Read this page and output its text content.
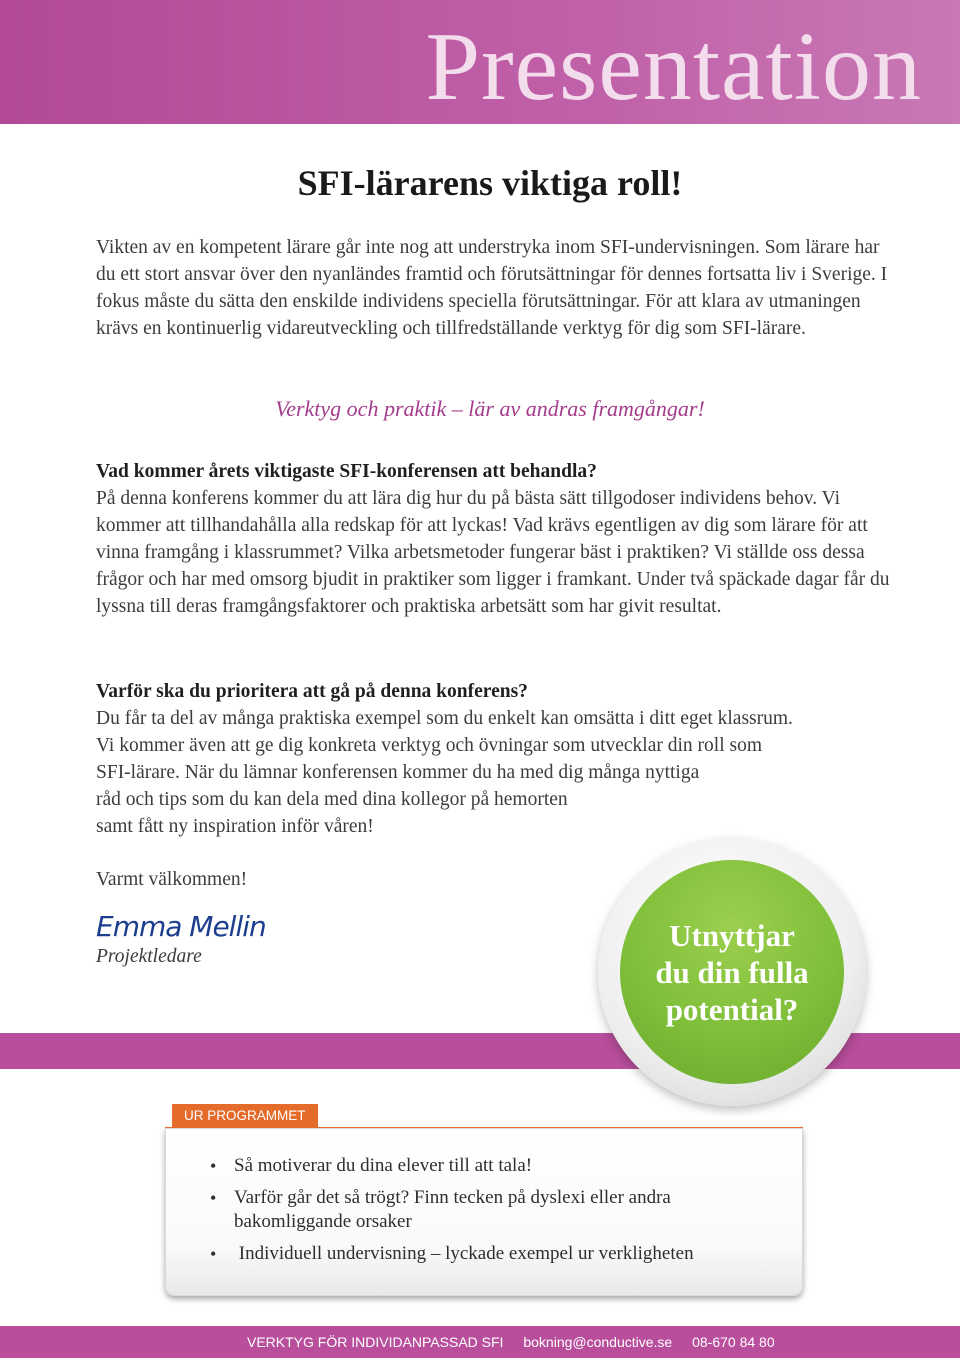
Presentation
SFI-lärarens viktiga roll!
Vikten av en kompetent lärare går inte nog att understryka inom SFI-undervisningen. Som lärare har du ett stort ansvar över den nyanländes framtid och förutsättningar för dennes fortsatta liv i Sverige. I fokus måste du sätta den enskilde individens speciella förutsättningar. För att klara av utmaningen krävs en kontinuerlig vidareutveckling och tillfredställande verktyg för dig som SFI-lärare.
Verktyg och praktik – lär av andras framgångar!
Vad kommer årets viktigaste SFI-konferensen att behandla?
På denna konferens kommer du att lära dig hur du på bästa sätt tillgodoser individens behov. Vi kommer att tillhandahålla alla redskap för att lyckas! Vad krävs egentligen av dig som lärare för att vinna framgång i klassrummet? Vilka arbetsmetoder fungerar bäst i praktiken? Vi ställde oss dessa frågor och har med omsorg bjudit in praktiker som ligger i framkant. Under två späckade dagar får du lyssna till deras framgångsfaktorer och praktiska arbetsätt som har givit resultat.
Varför ska du prioritera att gå på denna konferens?
Du får ta del av många praktiska exempel som du enkelt kan omsätta i ditt eget klassrum.
Vi kommer även att ge dig konkreta verktyg och övningar som utvecklar din roll som
SFI-lärare. När du lämnar konferensen kommer du ha med dig många nyttiga
råd och tips som du kan dela med dina kollegor på hemorten
samt fått ny inspiration inför våren!
Varmt välkommen!
Emma Mellin
Projektledare
Utnyttjar
du din fulla
potential?
UR PROGRAMMET
• Så motiverar du dina elever till att tala!
• Varför går det så trögt? Finn tecken på dyslexi eller andra bakomliggande orsaker
• Individuell undervisning – lyckade exempel ur verkligheten
VERKTYG FÖR INDIVIDANPASSAD SFI bokning@conductive.se 08-670 84 80
